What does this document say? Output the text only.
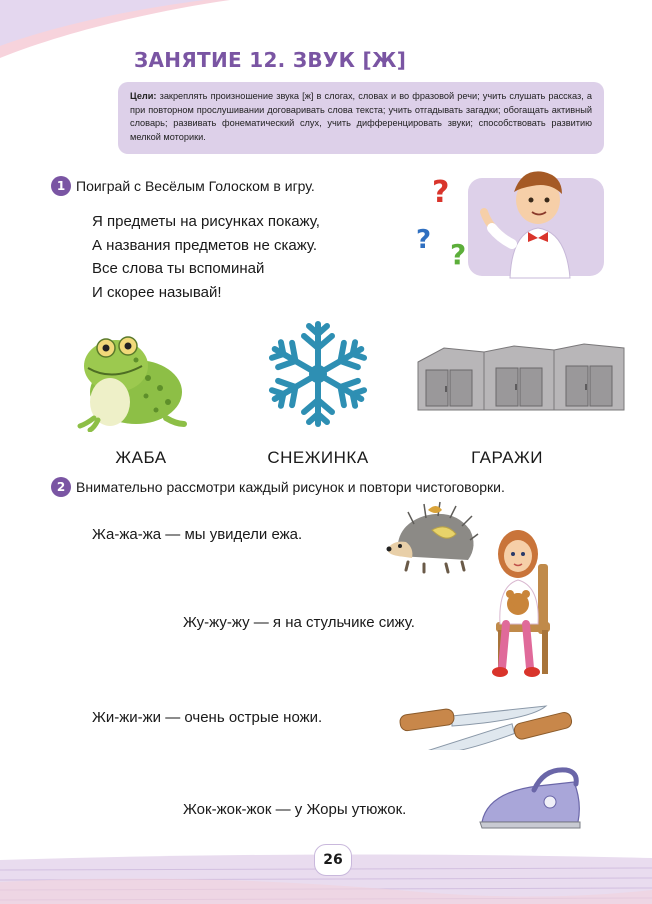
ЗАНЯТИЕ 12. ЗВУК [Ж]
Цели: закреплять произношение звука [ж] в слогах, словах и во фразовой речи; учить слушать рассказ, а при повторном прослушивании договаривать слова текста; учить отгадывать загадки; обогащать активный словарь; развивать фонематический слух, учить дифференцировать звуки; способствовать развитию мелкой моторики.
1 Поиграй с Весёлым Голоском в игру.
Я предметы на рисунках покажу,
А названия предметов не скажу.
Все слова ты вспоминай
И скорее называй!
?
? ?
ЖАБА	СНЕЖИНКА	ГАРАЖИ
2 Внимательно рассмотри каждый рисунок и повтори чистоговорки.
Жа-жа-жа — мы увидели ежа.
Жу-жу-жу — я на стульчике сижу.
Жи-жи-жи — очень острые ножи.
Жок-жок-жок — у Жоры утюжок.
26
